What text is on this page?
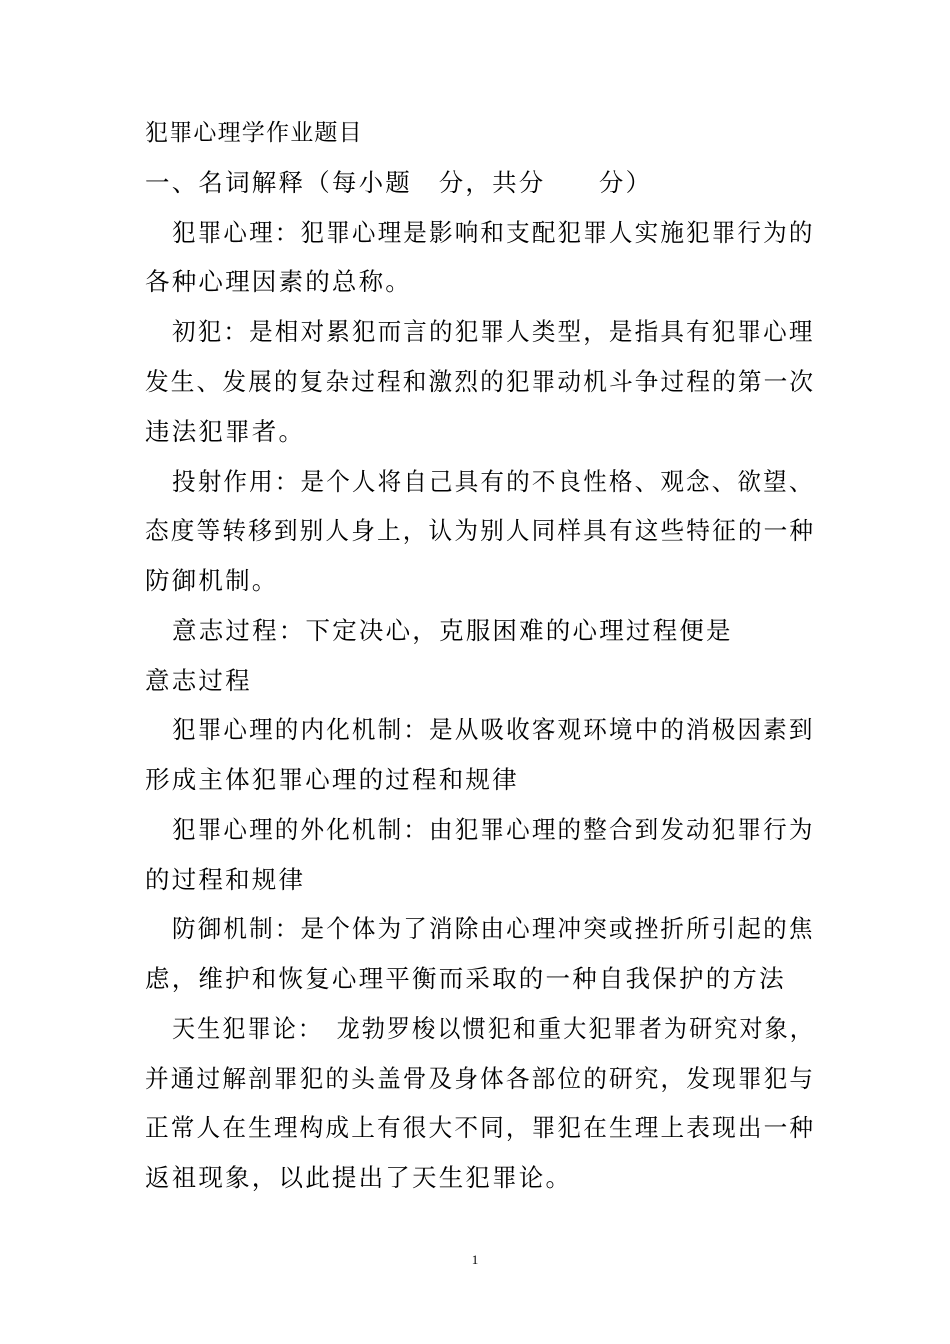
犯罪心理学作业题目
一、名词解释（每小题　分，共分　　分）
犯罪心理：犯罪心理是影响和支配犯罪人实施犯罪行为的
各种心理因素的总称。
初犯：是相对累犯而言的犯罪人类型，是指具有犯罪心理
发生、发展的复杂过程和激烈的犯罪动机斗争过程的第一次
违法犯罪者。
投射作用：是个人将自己具有的不良性格、观念、欲望、
态度等转移到别人身上，认为别人同样具有这些特征的一种
防御机制。
意志过程：下定决心，克服困难的心理过程便是
意志过程
犯罪心理的内化机制：是从吸收客观环境中的消极因素到
形成主体犯罪心理的过程和规律
犯罪心理的外化机制：由犯罪心理的整合到发动犯罪行为
的过程和规律
防御机制：是个体为了消除由心理冲突或挫折所引起的焦
虑，维护和恢复心理平衡而采取的一种自我保护的方法
天生犯罪论：　龙勃罗梭以惯犯和重大犯罪者为研究对象，
并通过解剖罪犯的头盖骨及身体各部位的研究，发现罪犯与
正常人在生理构成上有很大不同，罪犯在生理上表现出一种
返祖现象，以此提出了天生犯罪论。
1
